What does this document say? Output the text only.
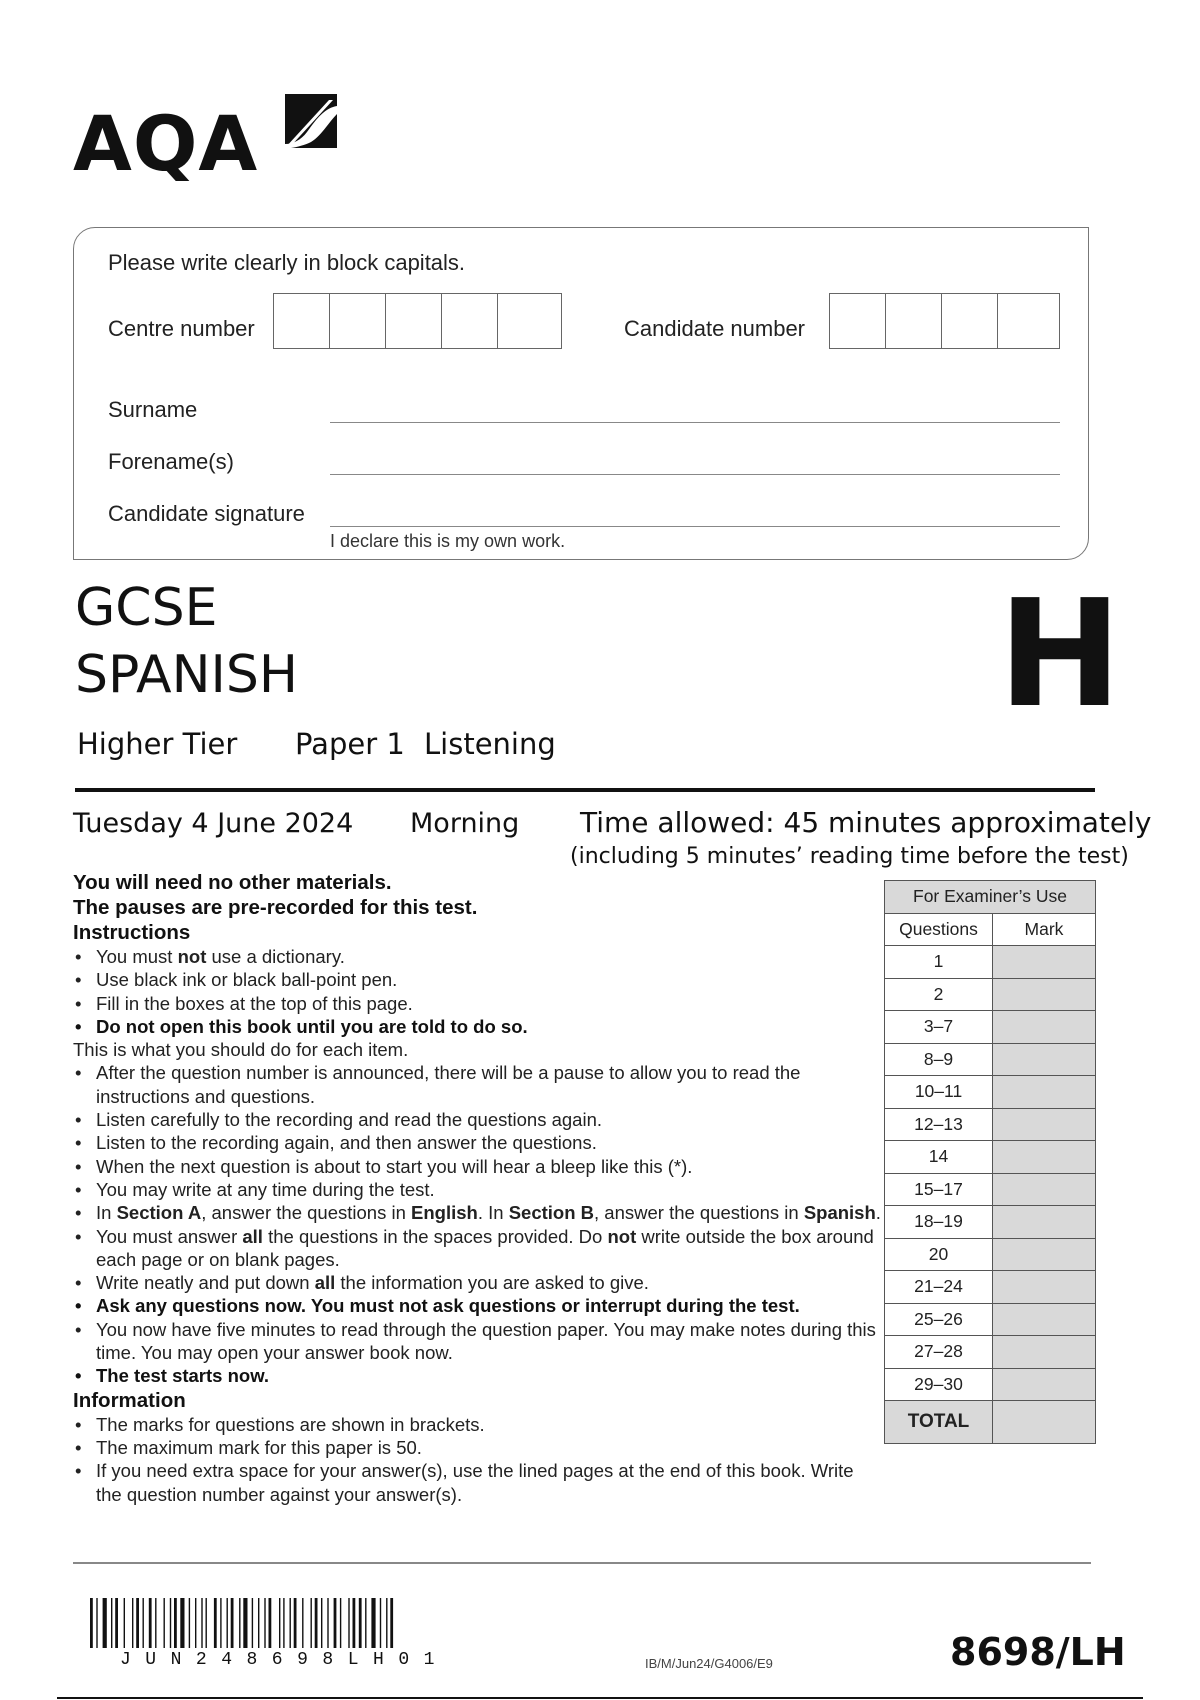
AQA
Please write clearly in block capitals.
Centre number	Candidate number
Surname
Forename(s)
Candidate signature
I declare this is my own work.
GCSE
SPANISH	H
Higher Tier Paper 1 Listening
Tuesday 4 June 2024 Morning Time allowed: 45 minutes approximately
(including 5 minutes’ reading time before the test)
You will need no other materials.
The pauses are pre-recorded for this test.
Instructions
• You must not use a dictionary.
• Use black ink or black ball-point pen.
• Fill in the boxes at the top of this page.
• Do not open this book until you are told to do so.
This is what you should do for each item.
• After the question number is announced, there will be a pause to allow you to read the instructions and questions.
• Listen carefully to the recording and read the questions again.
• Listen to the recording again, and then answer the questions.
• When the next question is about to start you will hear a bleep like this (*).
• You may write at any time during the test.
• In Section A, answer the questions in English. In Section B, answer the questions in Spanish.
• You must answer all the questions in the spaces provided. Do not write outside the box around each page or on blank pages.
• Write neatly and put down all the information you are asked to give.
• Ask any questions now. You must not ask questions or interrupt during the test.
• You now have five minutes to read through the question paper. You may make notes during this time. You may open your answer book now.
• The test starts now.
Information
• The marks for questions are shown in brackets.
• The maximum mark for this paper is 50.
• If you need extra space for your answer(s), use the lined pages at the end of this book. Write the question number against your answer(s).
For Examiner’s Use	
Questions	Mark
1	
2	
3–7	
8–9	
10–11	
12–13	
14	
15–17	
18–19	
20	
21–24	
25–26	
27–28	
29–30	
TOTAL	
JUN248698LH01	IB/M/Jun24/G4006/E9	8698/LH
